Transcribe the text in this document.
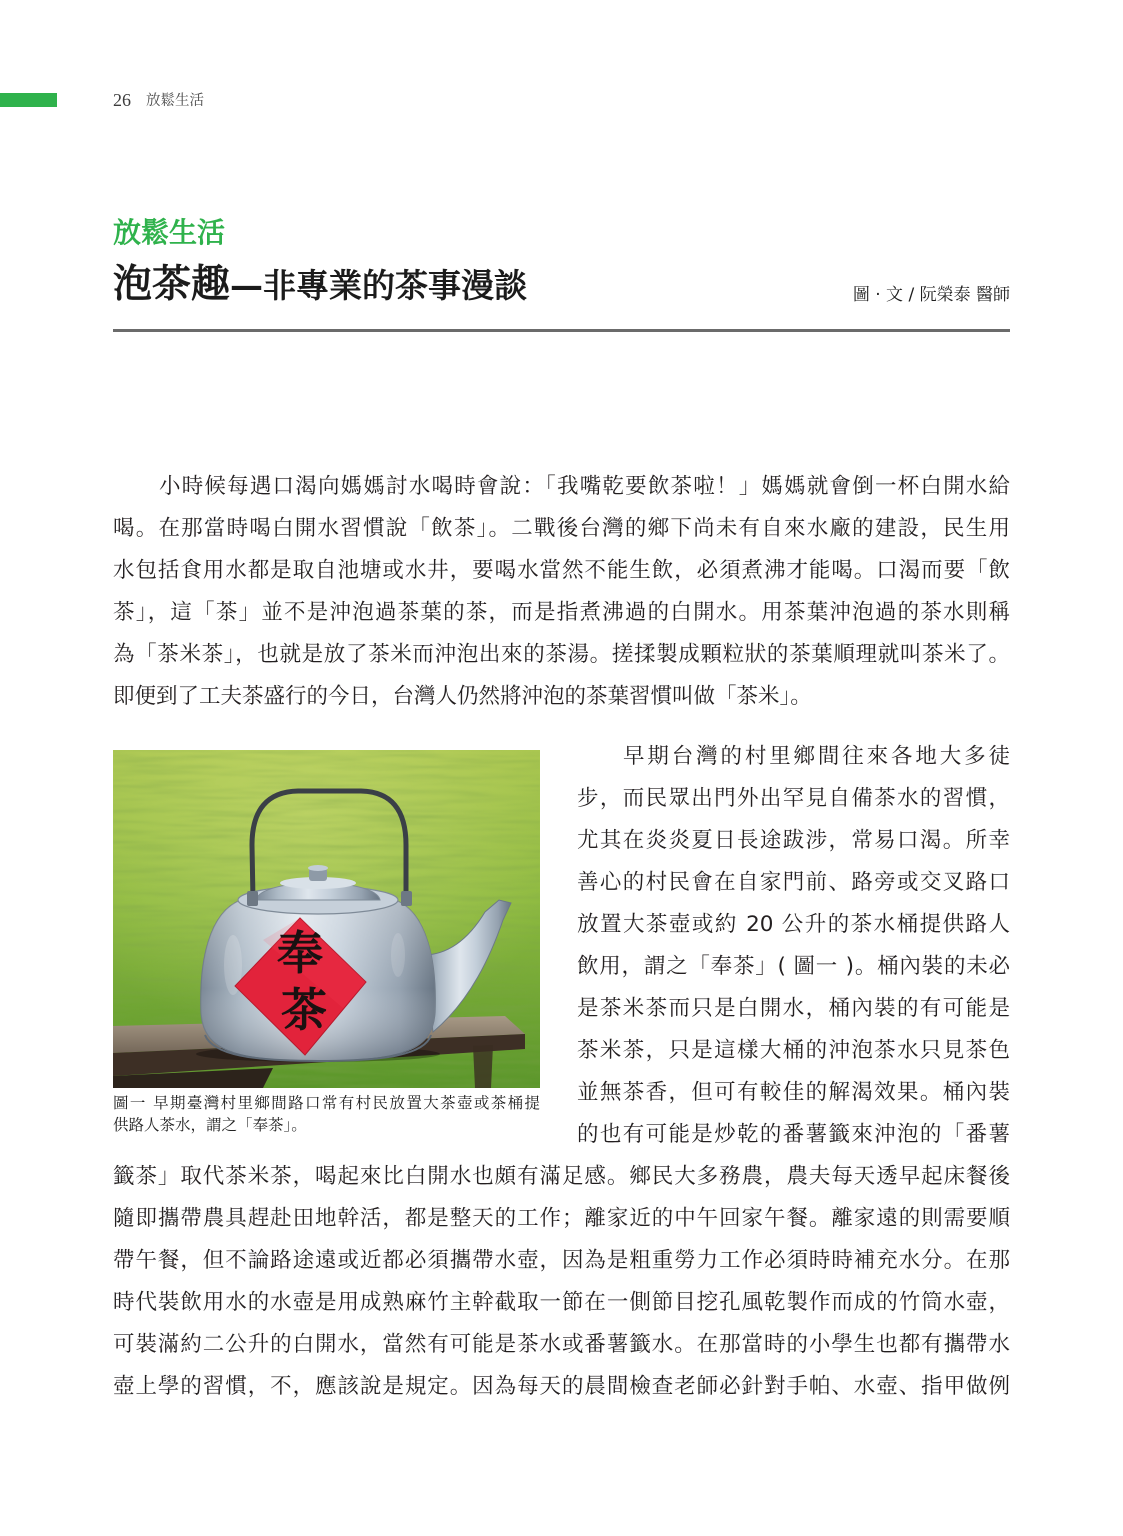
26 放鬆生活
放鬆生活
泡茶趣—非專業的茶事漫談	圖 · 文 / 阮榮泰 醫師
小時候每遇口渴向媽媽討水喝時會說：「我嘴乾要飲茶啦！」媽媽就會倒一杯白開水給
喝。在那當時喝白開水習慣說「飲茶」。二戰後台灣的鄉下尚未有自來水廠的建設，民生用
水包括食用水都是取自池塘或水井，要喝水當然不能生飲，必須煮沸才能喝。口渴而要「飲
茶」，這「茶」並不是沖泡過茶葉的茶，而是指煮沸過的白開水。用茶葉沖泡過的茶水則稱
為「茶米茶」，也就是放了茶米而沖泡出來的茶湯。搓揉製成顆粒狀的茶葉順理就叫茶米了。
即便到了工夫茶盛行的今日，台灣人仍然將沖泡的茶葉習慣叫做「茶米」。
奉
茶
圖一 早期臺灣村里鄉間路口常有村民放置大茶壺或茶桶提
供路人茶水，謂之「奉茶」。
早期台灣的村里鄉間往來各地大多徒
步，而民眾出門外出罕見自備茶水的習慣，
尤其在炎炎夏日長途跋涉，常易口渴。所幸
善心的村民會在自家門前、路旁或交叉路口
放置大茶壺或約 20 公升的茶水桶提供路人
飲用，謂之「奉茶」( 圖一 )。桶內裝的未必
是茶米茶而只是白開水，桶內裝的有可能是
茶米茶，只是這樣大桶的沖泡茶水只見茶色
並無茶香，但可有較佳的解渴效果。桶內裝
的也有可能是炒乾的番薯籤來沖泡的「番薯
籤茶」取代茶米茶，喝起來比白開水也頗有滿足感。鄉民大多務農，農夫每天透早起床餐後
隨即攜帶農具趕赴田地幹活，都是整天的工作；離家近的中午回家午餐。離家遠的則需要順
帶午餐，但不論路途遠或近都必須攜帶水壺，因為是粗重勞力工作必須時時補充水分。在那
時代裝飲用水的水壺是用成熟麻竹主幹截取一節在一側節目挖孔風乾製作而成的竹筒水壺，
可裝滿約二公升的白開水，當然有可能是茶水或番薯籤水。在那當時的小學生也都有攜帶水
壺上學的習慣，不，應該說是規定。因為每天的晨間檢查老師必針對手帕、水壺、指甲做例
